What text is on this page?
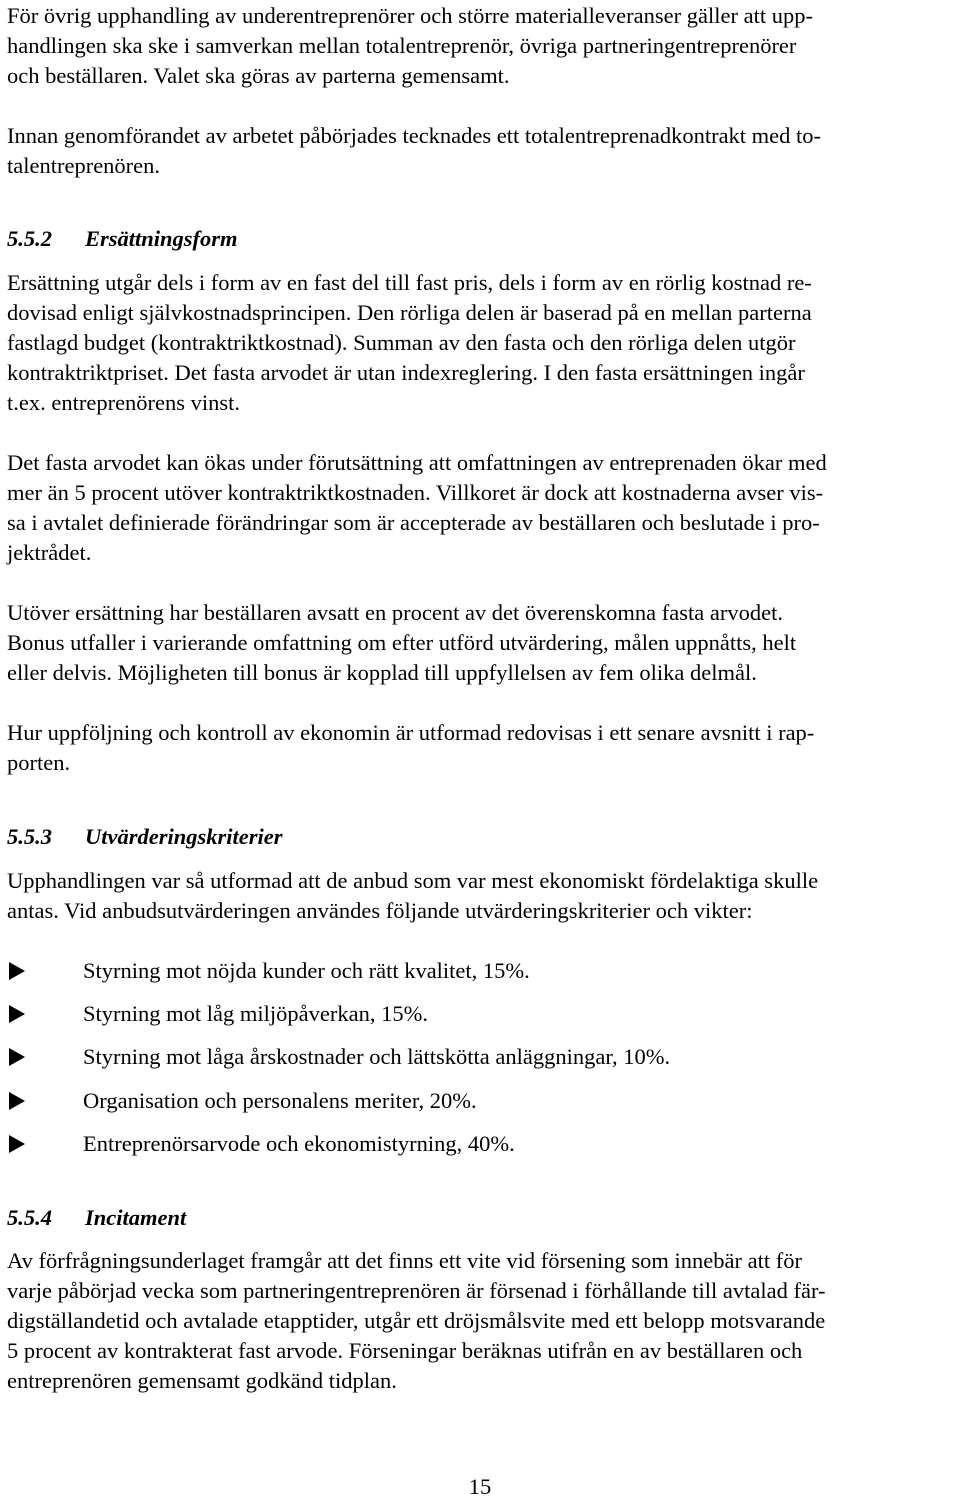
För övrig upphandling av underentreprenörer och större materialleveranser gäller att upp-
handlingen ska ske i samverkan mellan totalentreprenör, övriga partneringentreprenörer
och beställaren. Valet ska göras av parterna gemensamt.
Innan genomförandet av arbetet påbörjades tecknades ett totalentreprenadkontrakt med to-
talentreprenören.
5.5.2 Ersättningsform
Ersättning utgår dels i form av en fast del till fast pris, dels i form av en rörlig kostnad re-
dovisad enligt självkostnadsprincipen. Den rörliga delen är baserad på en mellan parterna
fastlagd budget (kontraktriktkostnad). Summan av den fasta och den rörliga delen utgör
kontraktriktpriset. Det fasta arvodet är utan indexreglering. I den fasta ersättningen ingår
t.ex. entreprenörens vinst.
Det fasta arvodet kan ökas under förutsättning att omfattningen av entreprenaden ökar med
mer än 5 procent utöver kontraktriktkostnaden. Villkoret är dock att kostnaderna avser vis-
sa i avtalet definierade förändringar som är accepterade av beställaren och beslutade i pro-
jektrådet.
Utöver ersättning har beställaren avsatt en procent av det överenskomna fasta arvodet.
Bonus utfaller i varierande omfattning om efter utförd utvärdering, målen uppnåtts, helt
eller delvis. Möjligheten till bonus är kopplad till uppfyllelsen av fem olika delmål.
Hur uppföljning och kontroll av ekonomin är utformad redovisas i ett senare avsnitt i rap-
porten.
5.5.3 Utvärderingskriterier
Upphandlingen var så utformad att de anbud som var mest ekonomiskt fördelaktiga skulle
antas. Vid anbudsutvärderingen användes följande utvärderingskriterier och vikter:
Styrning mot nöjda kunder och rätt kvalitet, 15%.
Styrning mot låg miljöpåverkan, 15%.
Styrning mot låga årskostnader och lättskötta anläggningar, 10%.
Organisation och personalens meriter, 20%.
Entreprenörsarvode och ekonomistyrning, 40%.
5.5.4 Incitament
Av förfrågningsunderlaget framgår att det finns ett vite vid försening som innebär att för
varje påbörjad vecka som partneringentreprenören är försenad i förhållande till avtalad fär-
digställandetid och avtalade etapptider, utgår ett dröjsmålsvite med ett belopp motsvarande
5 procent av kontrakterat fast arvode. Förseningar beräknas utifrån en av beställaren och
entreprenören gemensamt godkänd tidplan.
15
